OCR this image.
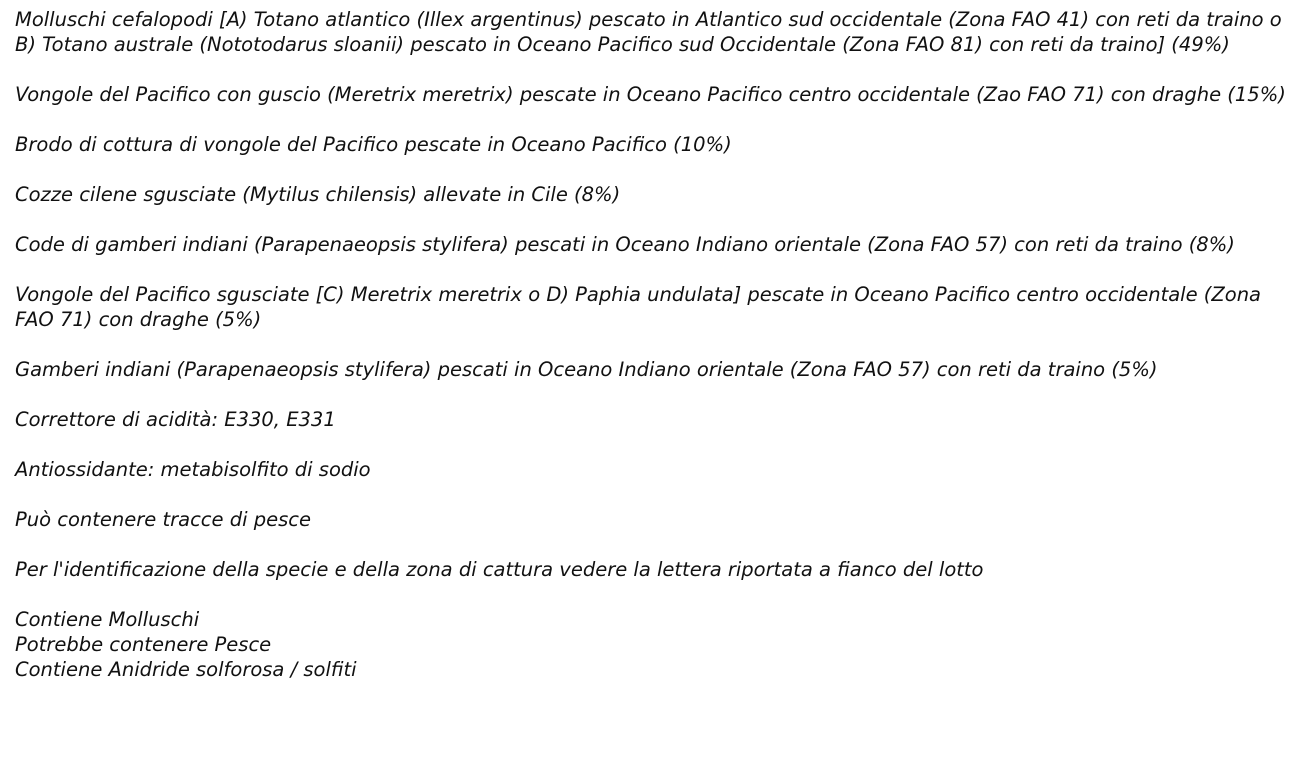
Molluschi cefalopodi [A) Totano atlantico (Illex argentinus) pescato in Atlantico sud occidentale (Zona FAO 41) con reti da traino o B) Totano australe (Nototodarus sloanii) pescato in Oceano Pacifico sud Occidentale (Zona FAO 81) con reti da traino] (49%)

Vongole del Pacifico con guscio (Meretrix meretrix) pescate in Oceano Pacifico centro occidentale (Zao FAO 71) con draghe (15%)

Brodo di cottura di vongole del Pacifico pescate in Oceano Pacifico (10%)

Cozze cilene sgusciate (Mytilus chilensis) allevate in Cile (8%)

Code di gamberi indiani (Parapenaeopsis stylifera) pescati in Oceano Indiano orientale (Zona FAO 57) con reti da traino (8%)

Vongole del Pacifico sgusciate [C) Meretrix meretrix o D) Paphia undulata] pescate in Oceano Pacifico centro occidentale (Zona FAO 71) con draghe (5%)

Gamberi indiani (Parapenaeopsis stylifera) pescati in Oceano Indiano orientale (Zona FAO 57) con reti da traino (5%)

Correttore di acidità: E330, E331

Antiossidante: metabisolfito di sodio

Può contenere tracce di pesce

Per l'identificazione della specie e della zona di cattura vedere la lettera riportata a fianco del lotto

Contiene Molluschi
Potrebbe contenere Pesce
Contiene Anidride solforosa / solfiti
